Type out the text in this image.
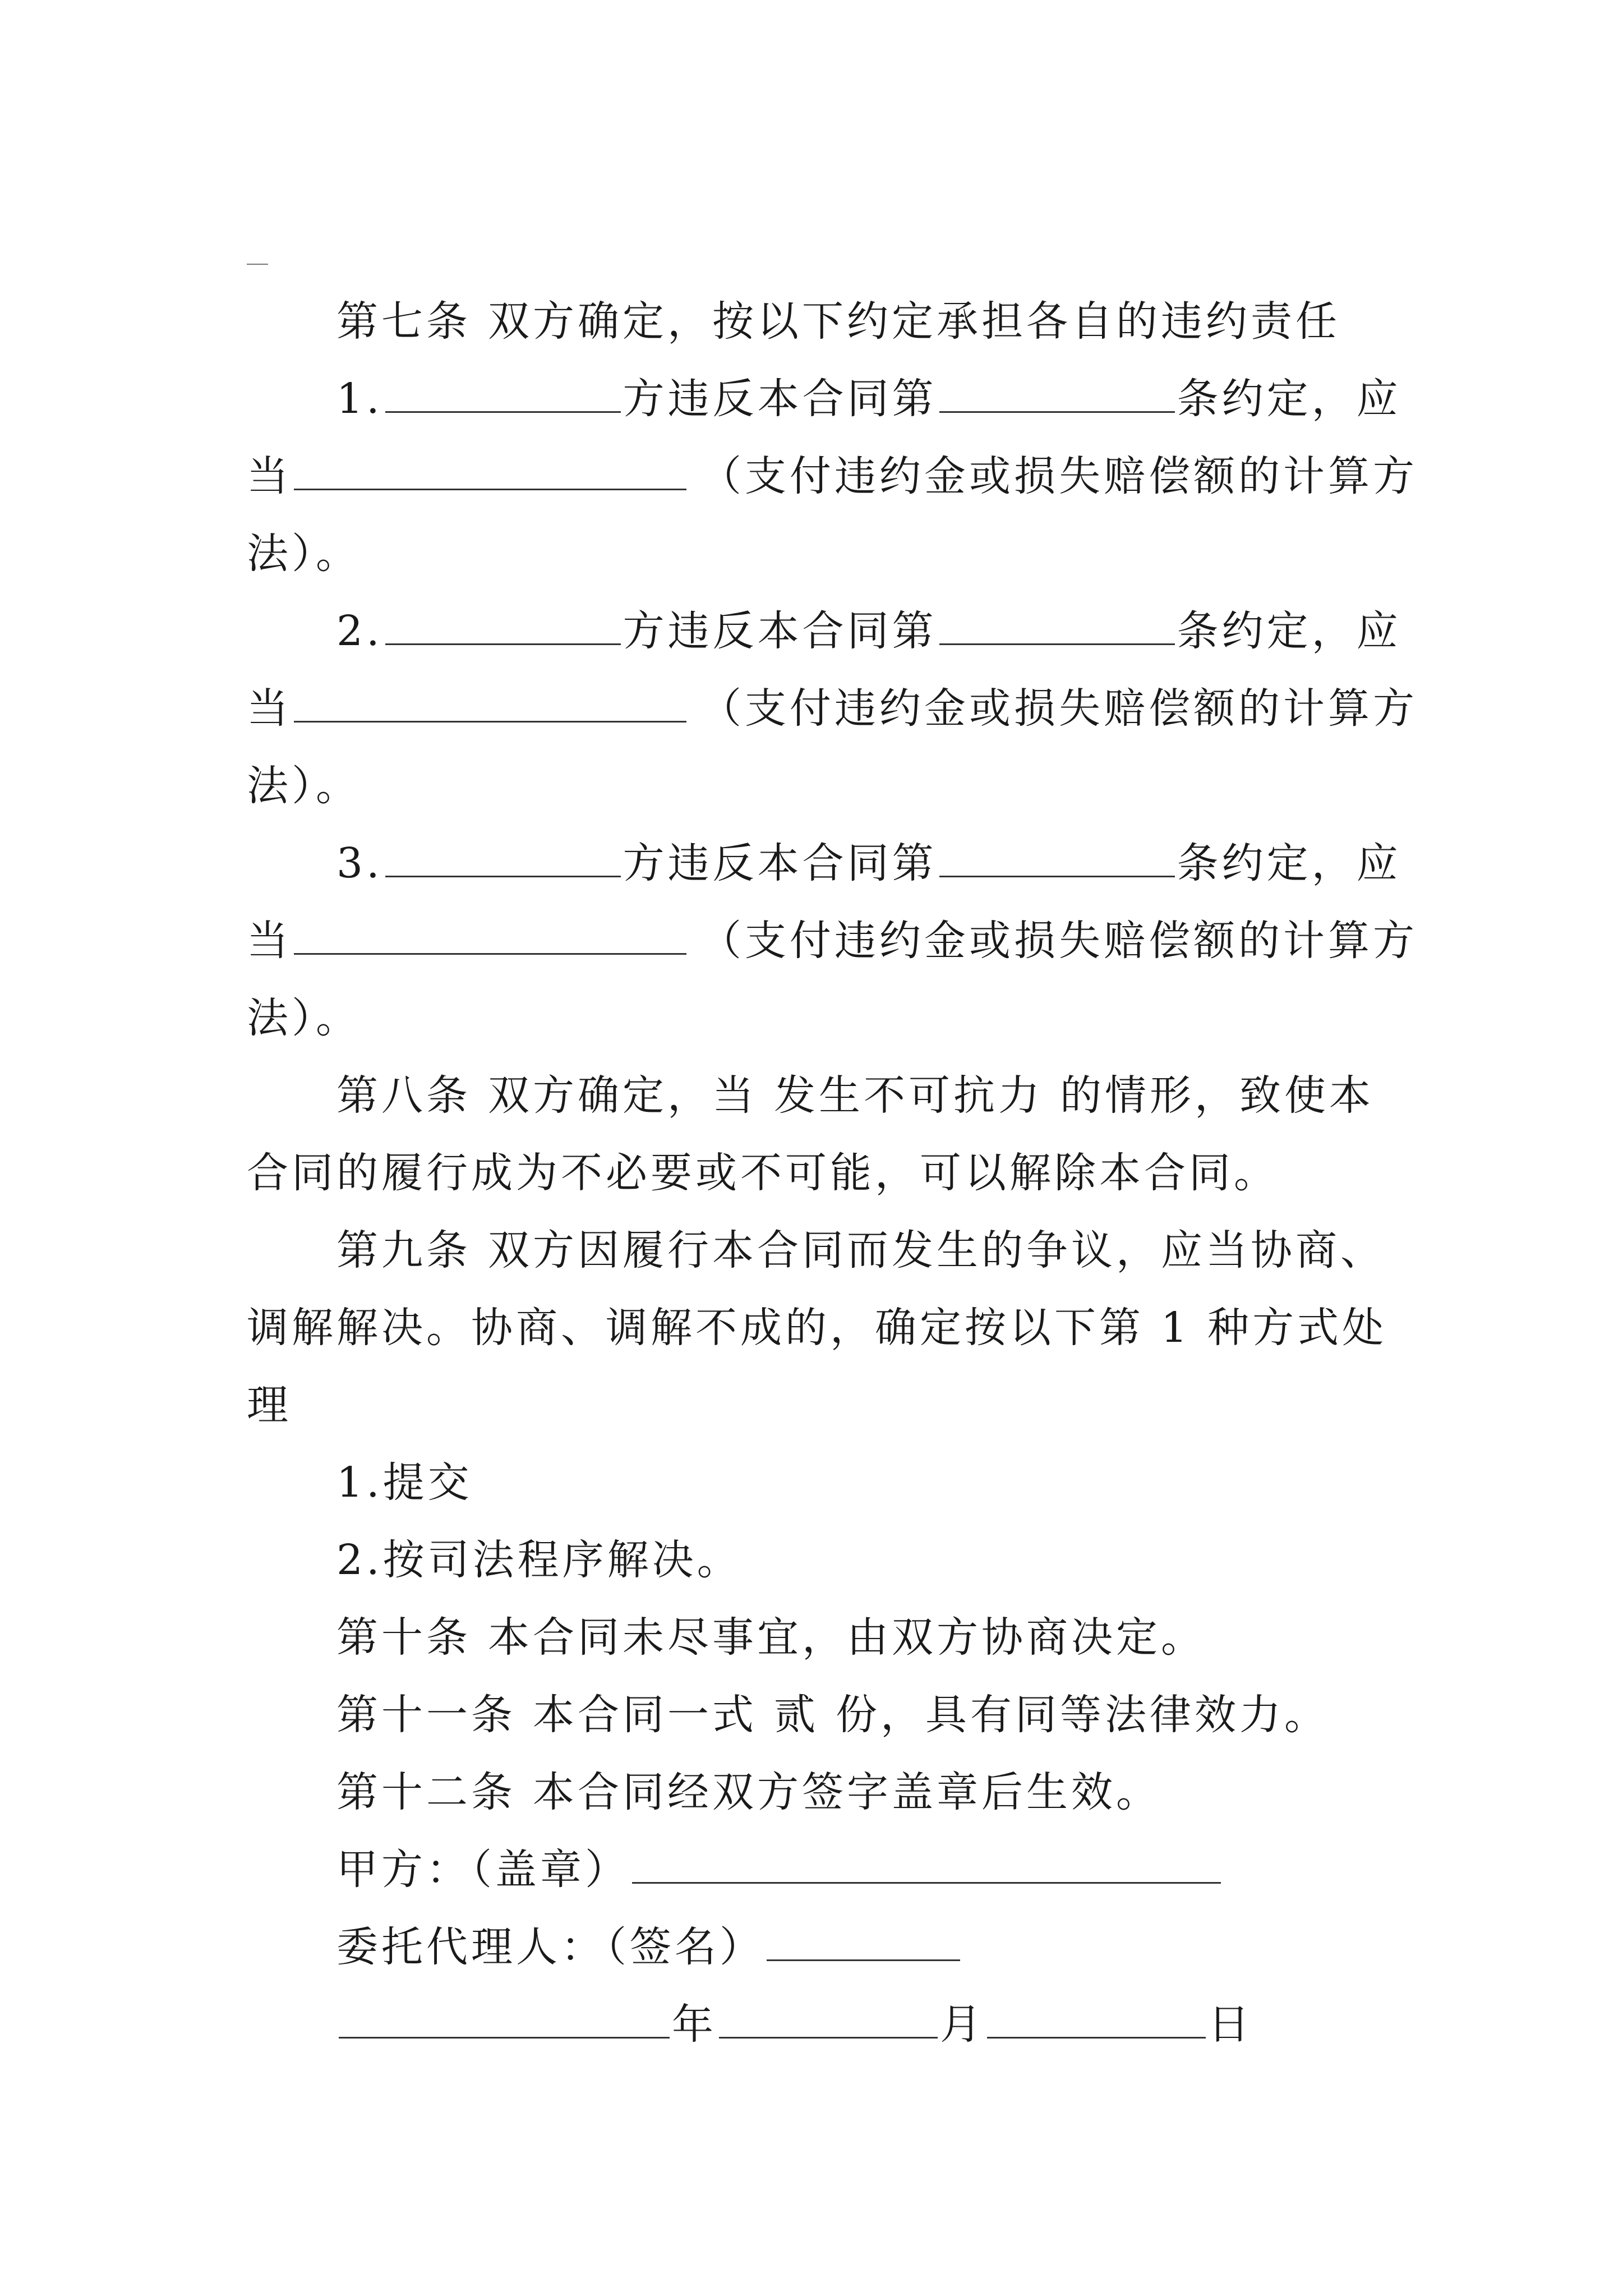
第七条 双方确定，按以下约定承担各自的违约责任
1.	方违反本合同第	条约定，应
当	（支付违约金或损失赔偿额的计算方
法）。
2.	方违反本合同第	条约定，应
当	（支付违约金或损失赔偿额的计算方
法）。
3.	方违反本合同第	条约定，应
当	（支付违约金或损失赔偿额的计算方
法）。
第八条 双方确定，当 发生不可抗力 的情形，致使本
合同的履行成为不必要或不可能，可以解除本合同。
第九条 双方因履行本合同而发生的争议，应当协商、
调解解决。协商、调解不成的，确定按以下第 1 种方式处
理
1.提交
2.按司法程序解决。
第十条 本合同未尽事宜，由双方协商决定。
第十一条 本合同一式 贰 份，具有同等法律效力。
第十二条 本合同经双方签字盖章后生效。
甲方：（盖章）
委托代理人：（签名）
年	月	日
